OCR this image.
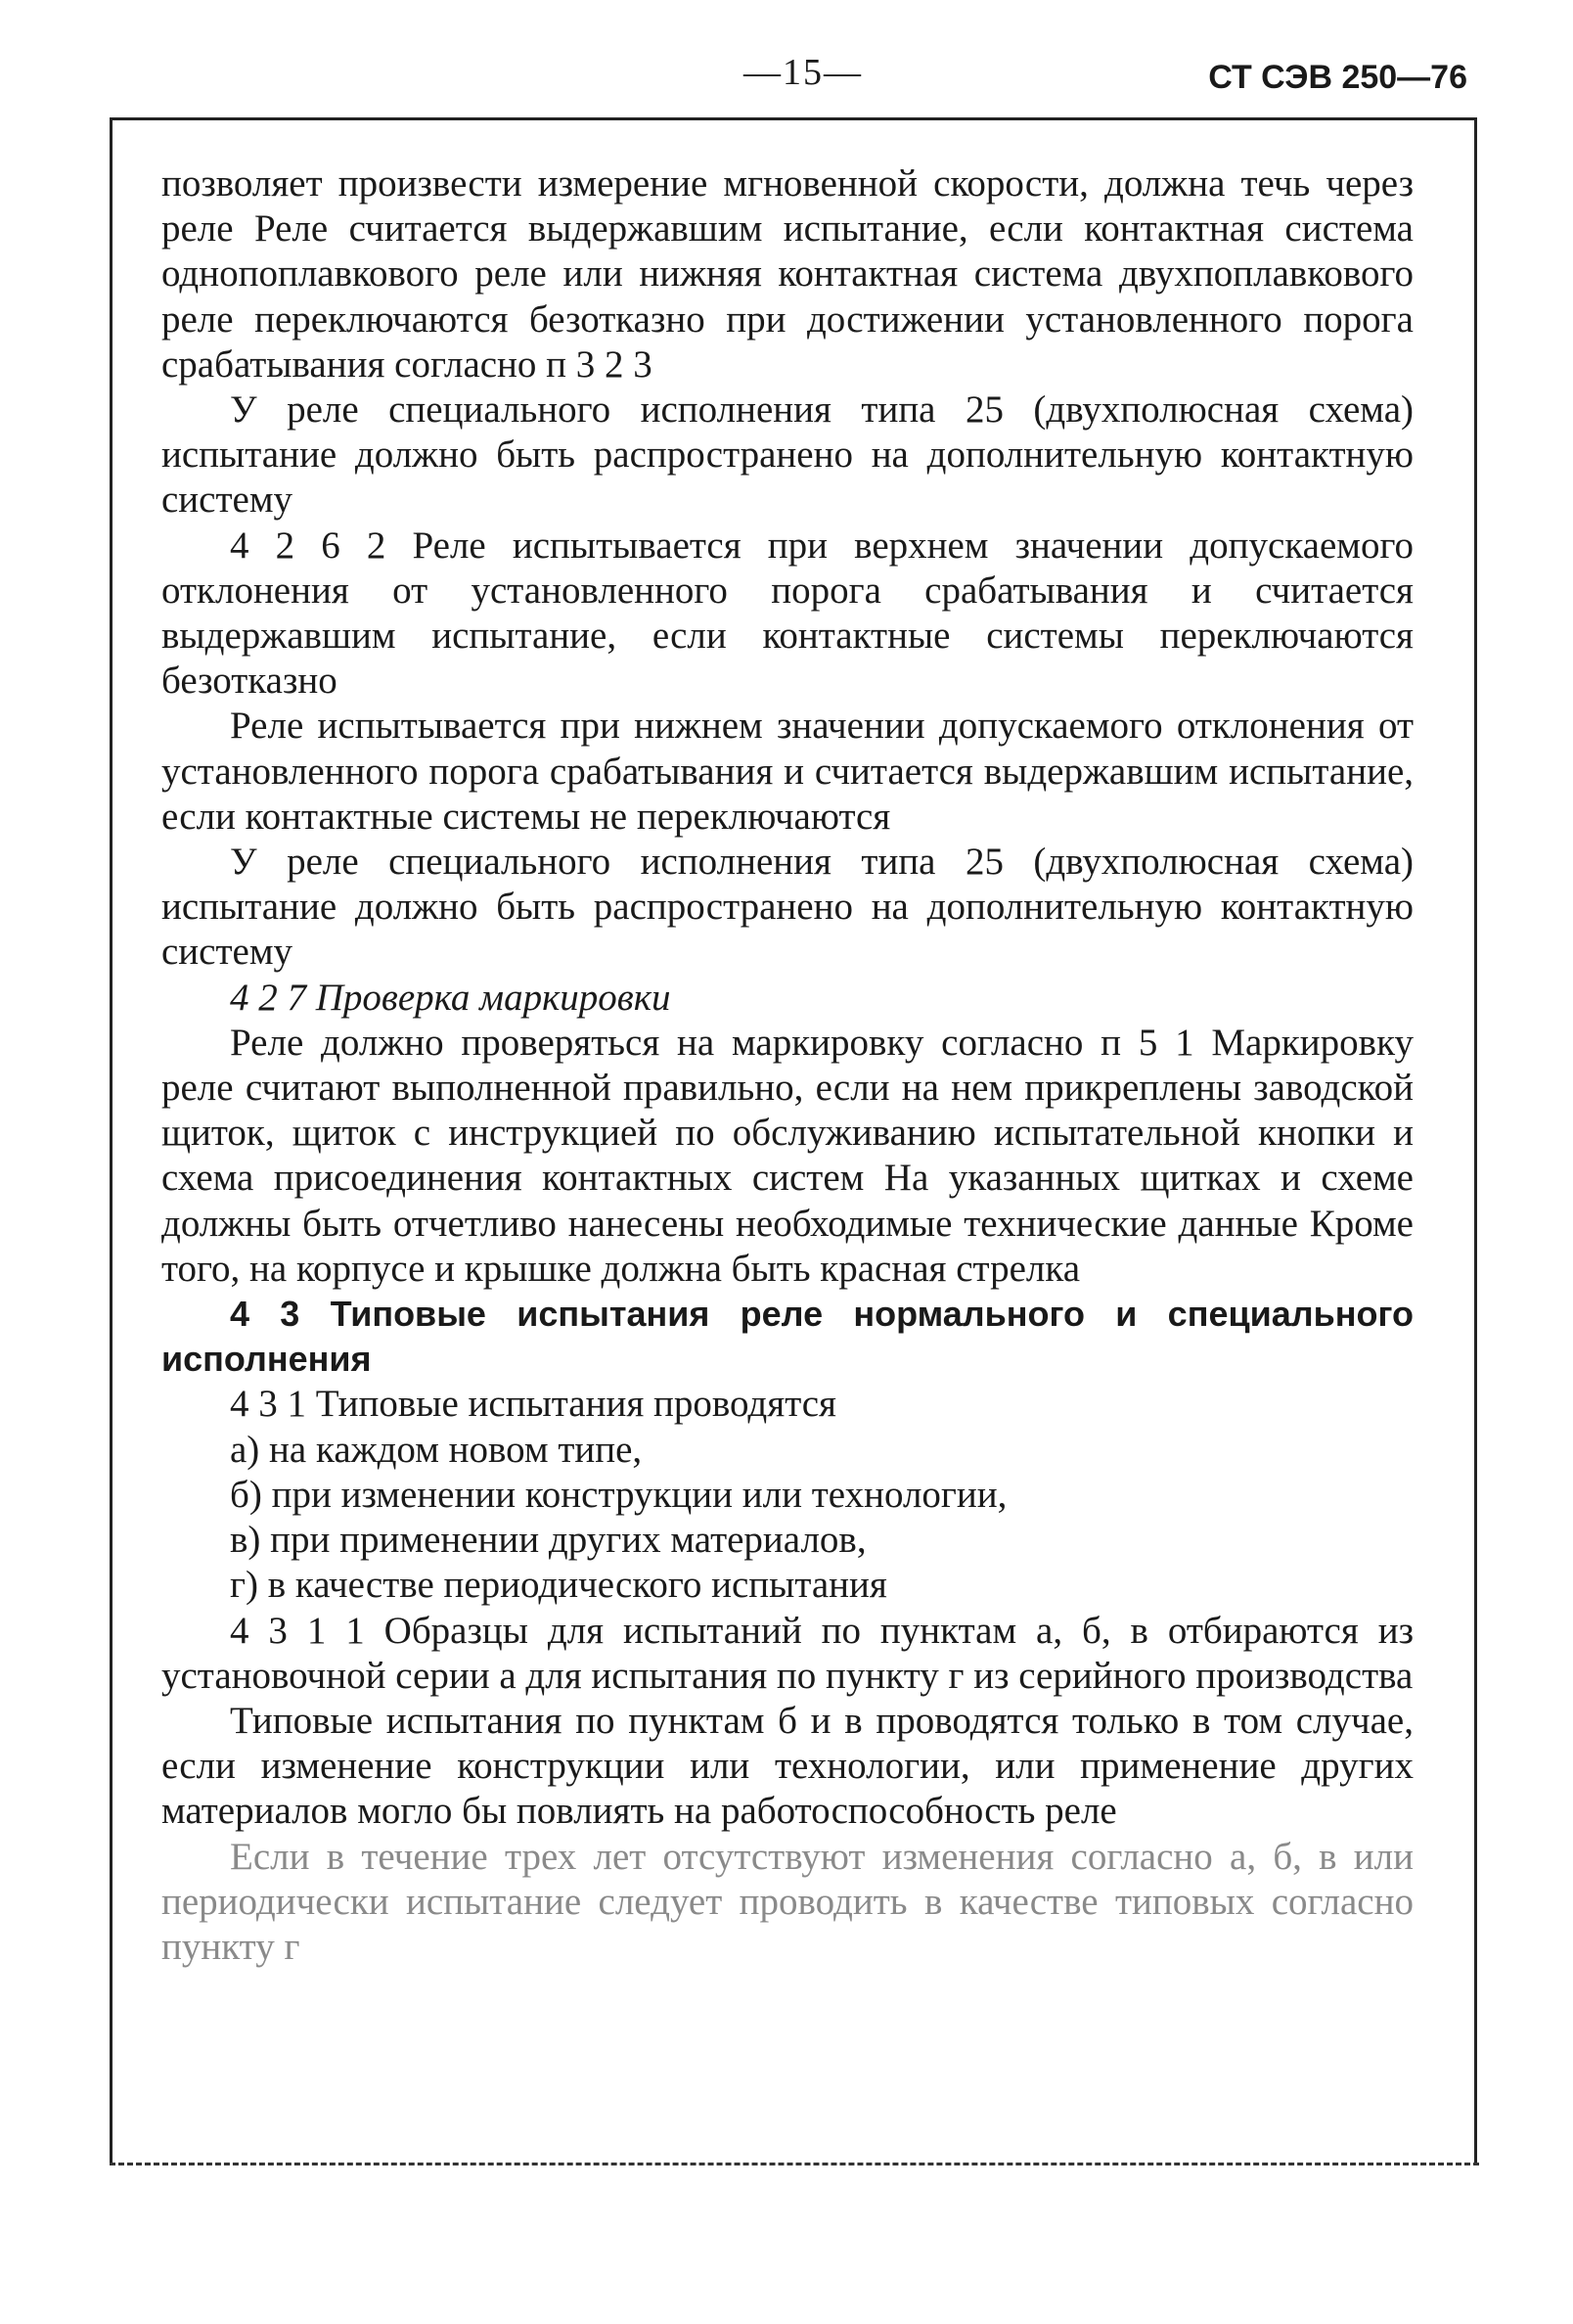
—15—	СТ СЭВ 250—76

позволяет произвести измерение мгновенной скорости, должна течь через реле Реле считается выдержавшим испытание, если контактная система однопоплавкового реле или нижняя контактная система двухпоплавкового реле переключаются безотказно при достижении установленного порога срабатывания согласно п 3 2 3

У реле специального исполнения типа 25 (двухполюсная схема) испытание должно быть распространено на дополнительную контактную систему

4 2 6 2 Реле испытывается при верхнем значении допускаемого отклонения от установленного порога срабатывания и считается выдержавшим испытание, если контактные системы переключаются безотказно

Реле испытывается при нижнем значении допускаемого отклонения от установленного порога срабатывания и считается выдержавшим испытание, если контактные системы не переключаются

У реле специального исполнения типа 25 (двухполюсная схема) испытание должно быть распространено на дополнительную контактную систему

4 2 7 Проверка маркировки

Реле должно проверяться на маркировку согласно п 5 1 Маркировку реле считают выполненной правильно, если на нем прикреплены заводской щиток, щиток с инструкцией по обслуживанию испытательной кнопки и схема присоединения контактных систем На указанных щитках и схеме должны быть отчетливо нанесены необходимые технические данные Кроме того, на корпусе и крышке должна быть красная стрелка

4 3 Типовые испытания реле нормального и специального исполнения

4 3 1 Типовые испытания проводятся

а) на каждом новом типе,

б) при изменении конструкции или технологии,

в) при применении других материалов,

г) в качестве периодического испытания

4 3 1 1 Образцы для испытаний по пунктам а, б, в отбираются из установочной серии а для испытания по пункту г из серийного производства

Типовые испытания по пунктам б и в проводятся только в том случае, если изменение конструкции или технологии, или применение других материалов могло бы повлиять на работоспособность реле

Если в течение трех лет отсутствуют изменения согласно а, б, в или периодически испытание следует проводить в качестве типовых согласно пункту г
